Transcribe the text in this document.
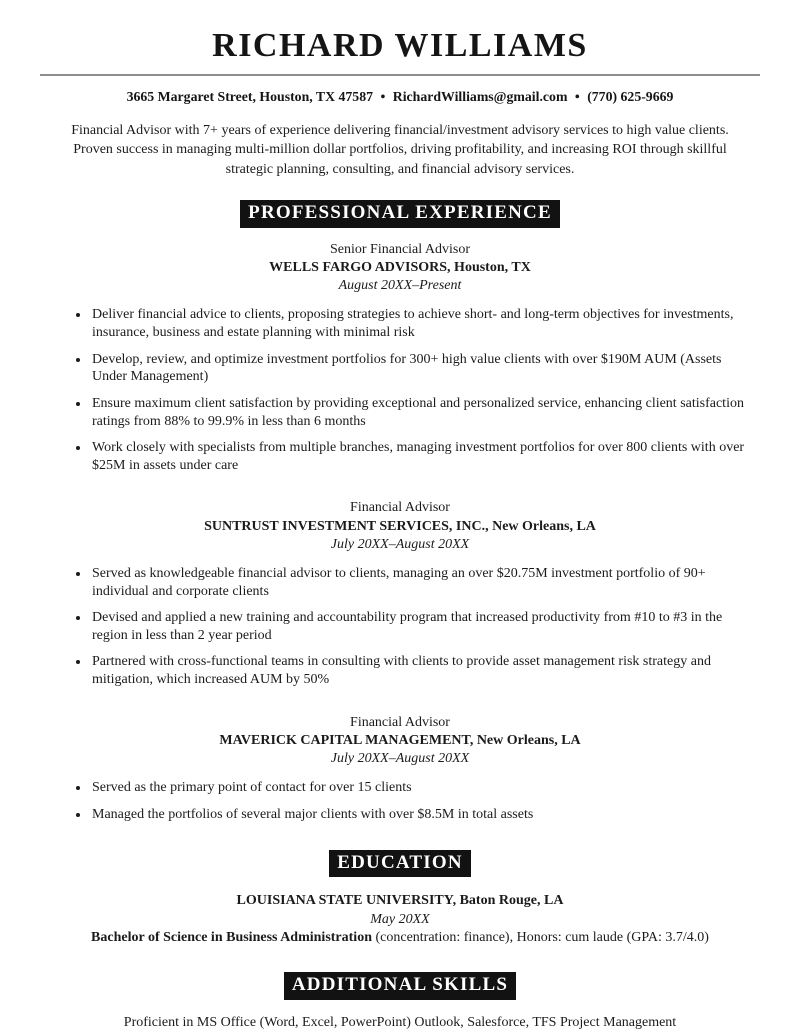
RICHARD WILLIAMS
3665 Margaret Street, Houston, TX 47587 • RichardWilliams@gmail.com • (770) 625-9669
Financial Advisor with 7+ years of experience delivering financial/investment advisory services to high value clients. Proven success in managing multi-million dollar portfolios, driving profitability, and increasing ROI through skillful strategic planning, consulting, and financial advisory services.
PROFESSIONAL EXPERIENCE
Senior Financial Advisor
WELLS FARGO ADVISORS, Houston, TX
August 20XX–Present
• Deliver financial advice to clients, proposing strategies to achieve short- and long-term objectives for investments, insurance, business and estate planning with minimal risk
• Develop, review, and optimize investment portfolios for 300+ high value clients with over $190M AUM (Assets Under Management)
• Ensure maximum client satisfaction by providing exceptional and personalized service, enhancing client satisfaction ratings from 88% to 99.9% in less than 6 months
• Work closely with specialists from multiple branches, managing investment portfolios for over 800 clients with over $25M in assets under care
Financial Advisor
SUNTRUST INVESTMENT SERVICES, INC., New Orleans, LA
July 20XX–August 20XX
• Served as knowledgeable financial advisor to clients, managing an over $20.75M investment portfolio of 90+ individual and corporate clients
• Devised and applied a new training and accountability program that increased productivity from #10 to #3 in the region in less than 2 year period
• Partnered with cross-functional teams in consulting with clients to provide asset management risk strategy and mitigation, which increased AUM by 50%
Financial Advisor
MAVERICK CAPITAL MANAGEMENT, New Orleans, LA
July 20XX–August 20XX
• Served as the primary point of contact for over 15 clients
• Managed the portfolios of several major clients with over $8.5M in total assets
EDUCATION
LOUISIANA STATE UNIVERSITY, Baton Rouge, LA
May 20XX
Bachelor of Science in Business Administration (concentration: finance), Honors: cum laude (GPA: 3.7/4.0)
ADDITIONAL SKILLS
Proficient in MS Office (Word, Excel, PowerPoint) Outlook, Salesforce, TFS Project Management
